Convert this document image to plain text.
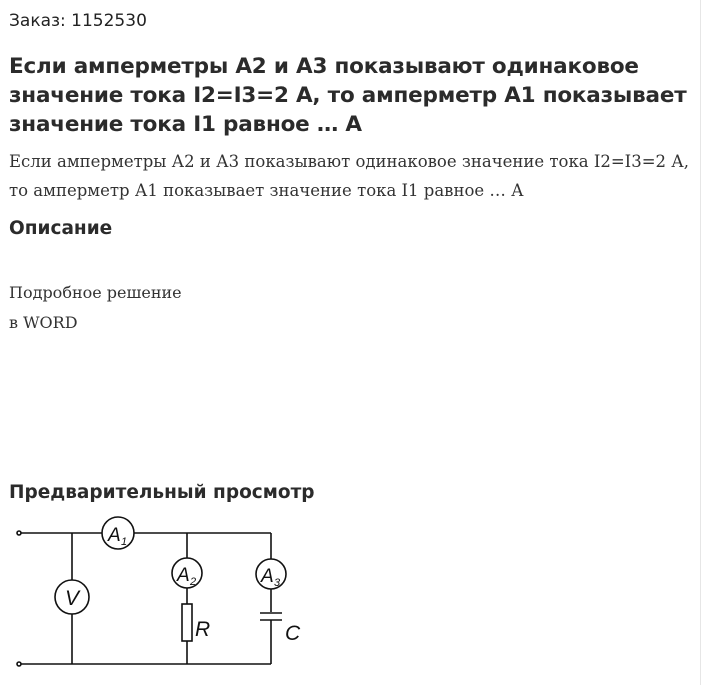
Заказ: 1152530
Если амперметры А2 и А3 показывают одинаковое значение тока I2=I3=2 А, то амперметр А1 показывает значение тока I1 равное … А

Если амперметры А2 и А3 показывают одинаковое значение тока I2=I3=2 А, то амперметр А1 показывает значение тока I1 равное … А

Описание
Подробное решение
в WORD
Предварительный просмотр
V
A 1
A 2	A 3
R	C
